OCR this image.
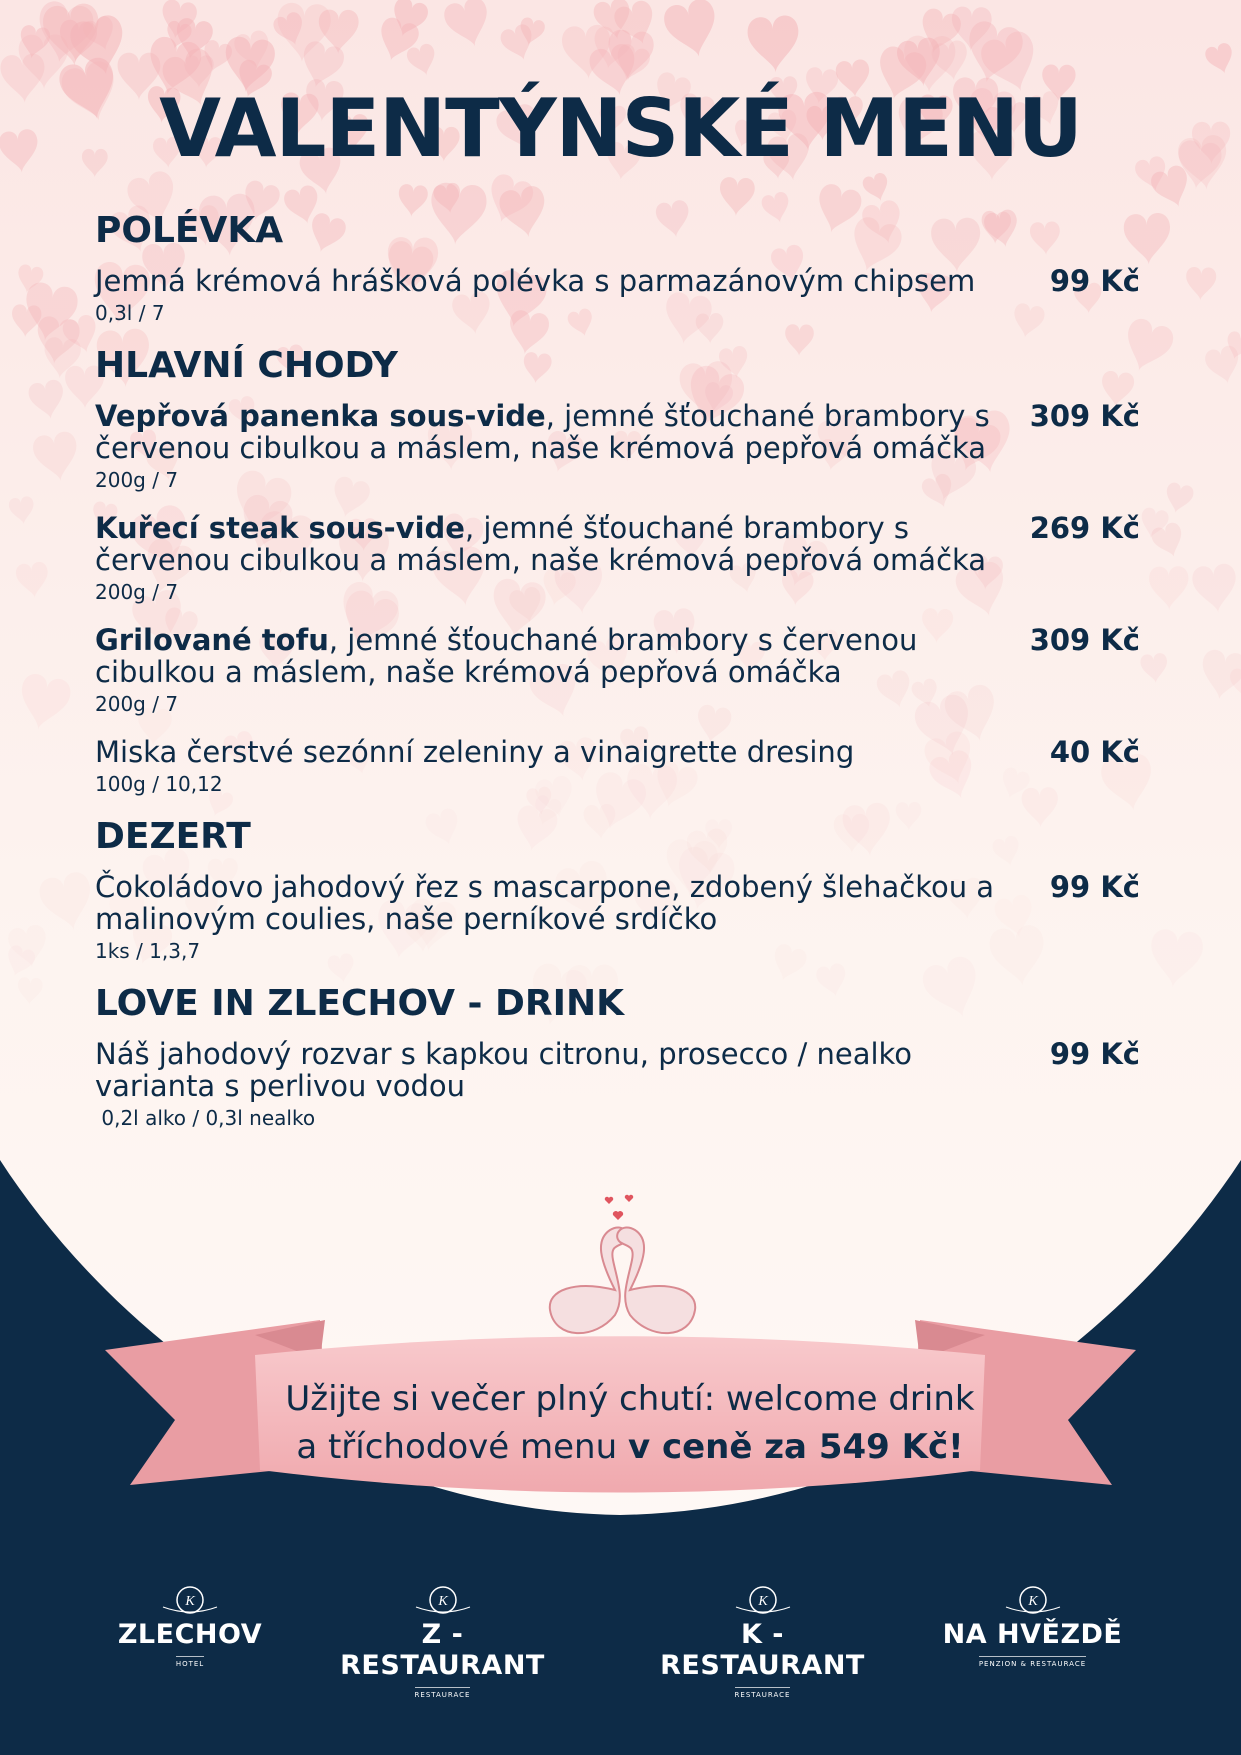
VALENTÝNSKÉ MENU
POLÉVKA
Jemná krémová hrášková polévka s parmazánovým chipsem
0,3l / 7
99 Kč
HLAVNÍ CHODY
Vepřová panenka sous-vide, jemné šťouchané brambory s červenou cibulkou a máslem, naše krémová pepřová omáčka
200g / 7
309 Kč
Kuřecí steak sous-vide, jemné šťouchané brambory s červenou cibulkou a máslem, naše krémová pepřová omáčka
200g / 7
269 Kč
Grilované tofu, jemné šťouchané brambory s červenou cibulkou a máslem, naše krémová pepřová omáčka
200g / 7
309 Kč
Miska čerstvé sezónní zeleniny a vinaigrette dresing
100g / 10,12
40 Kč
DEZERT
Čokoládovo jahodový řez s mascarpone, zdobený šlehačkou a malinovým coulies, naše perníkové srdíčko
1ks / 1,3,7
99 Kč
LOVE IN ZLECHOV - DRINK
Náš jahodový rozvar s kapkou citronu, prosecco / nealko varianta s perlivou vodou
0,2l alko / 0,3l nealko
99 Kč
Užijte si večer plný chutí: welcome drink
a tříchodové menu v ceně za 549 Kč!
K
ZLECHOV
HOTEL
K
Z - RESTAURANT
RESTAURACE
K
K - RESTAURANT
RESTAURACE
K
NA HVĚZDĚ
PENZION & RESTAURACE
